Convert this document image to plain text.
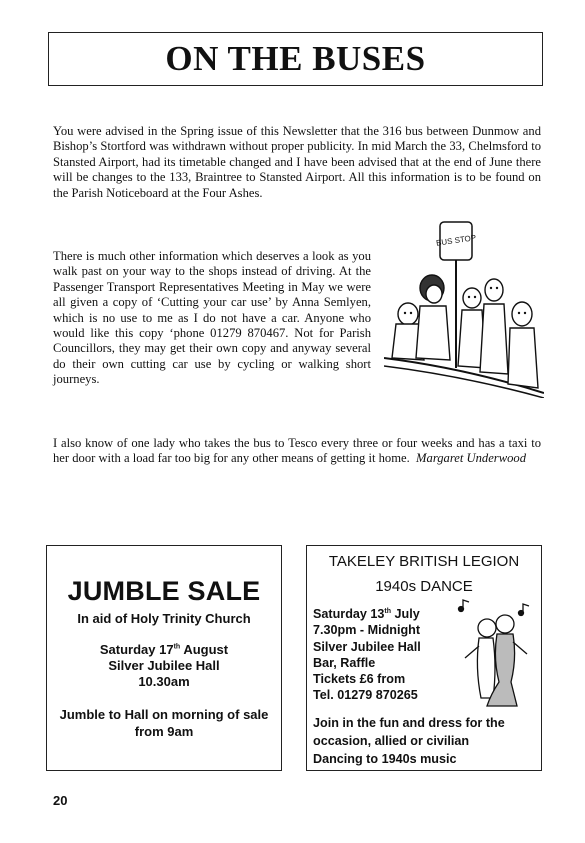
ON THE BUSES

You were advised in the Spring issue of this Newsletter that the 316 bus between Dunmow and Bishop’s Stortford was withdrawn without proper publicity. In mid March the 33, Chelmsford to Stansted Airport, had its timetable changed and I have been advised that at the end of June there will be changes to the 133, Braintree to Stansted Airport. All this information is to be found on the Parish Noticeboard at the Four Ashes.

There is much other information which deserves a look as you walk past on your way to the shops instead of driving. At the Passenger Transport Representatives Meeting in May we were all given a copy of ‘Cutting your car use’ by Anna Semlyen, which is no use to me as I do not have a car. Anyone who would like this copy ‘phone 01279 870467. Not for Parish Councillors, they may get their own copy and anyway several do their own cutting car use by cycling or walking short journeys.

I also know of one lady who takes the bus to Tesco every three or four weeks and has a taxi to her door with a load far too big for any other means of getting it home. Margaret Underwood

BUS STOP
JUMBLE SALE
In aid of Holy Trinity Church
Saturday 17th August
Silver Jubilee Hall
10.30am
Jumble to Hall on morning of sale from 9am
TAKELEY BRITISH LEGION
1940s DANCE
Saturday 13th July
7.30pm - Midnight
Silver Jubilee Hall
Bar, Raffle
Tickets £6 from
Tel. 01279 870265
Join in the fun and dress for the occasion, allied or civilian
Dancing to 1940s music
20
